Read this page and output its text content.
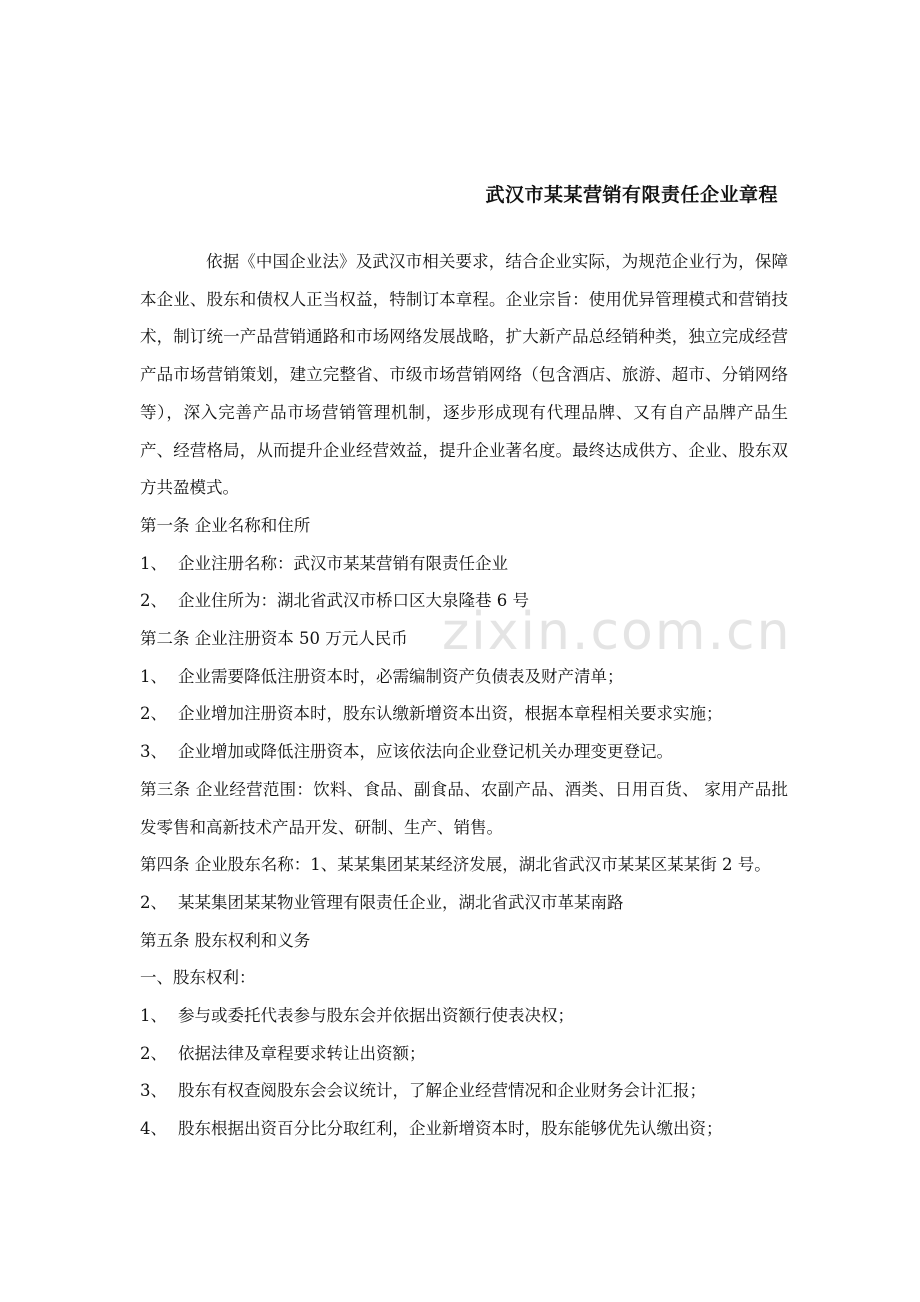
武汉市某某营销有限责任企业章程

依据《中国企业法》及武汉市相关要求，结合企业实际，为规范企业行为，保障本企业、股东和债权人正当权益，特制订本章程。企业宗旨：使用优异管理模式和营销技术，制订统一产品营销通路和市场网络发展战略，扩大新产品总经销种类，独立完成经营产品市场营销策划，建立完整省、市级市场营销网络（包含酒店、旅游、超市、分销网络等），深入完善产品市场营销管理机制，逐步形成现有代理品牌、又有自产品牌产品生产、经营格局，从而提升企业经营效益，提升企业著名度。最终达成供方、企业、股东双方共盈模式。

第一条 企业名称和住所

1、 企业注册名称：武汉市某某营销有限责任企业

2、 企业住所为：湖北省武汉市桥口区大泉隆巷 6 号

第二条 企业注册资本 50 万元人民币

1、 企业需要降低注册资本时，必需编制资产负债表及财产清单；

2、 企业增加注册资本时，股东认缴新增资本出资，根据本章程相关要求实施；

3、 企业增加或降低注册资本，应该依法向企业登记机关办理变更登记。

第三条 企业经营范围：饮料、食品、副食品、农副产品、酒类、日用百货、 家用产品批发零售和高新技术产品开发、研制、生产、销售。

第四条 企业股东名称：1、某某集团某某经济发展，湖北省武汉市某某区某某街 2 号。

2、 某某集团某某物业管理有限责任企业，湖北省武汉市革某南路

第五条 股东权利和义务

一、股东权利：

1、 参与或委托代表参与股东会并依据出资额行使表决权；

2、 依据法律及章程要求转让出资额；

3、 股东有权查阅股东会会议统计，了解企业经营情况和企业财务会计汇报；

4、 股东根据出资百分比分取红利，企业新增资本时，股东能够优先认缴出资；

zixin.com.cn
